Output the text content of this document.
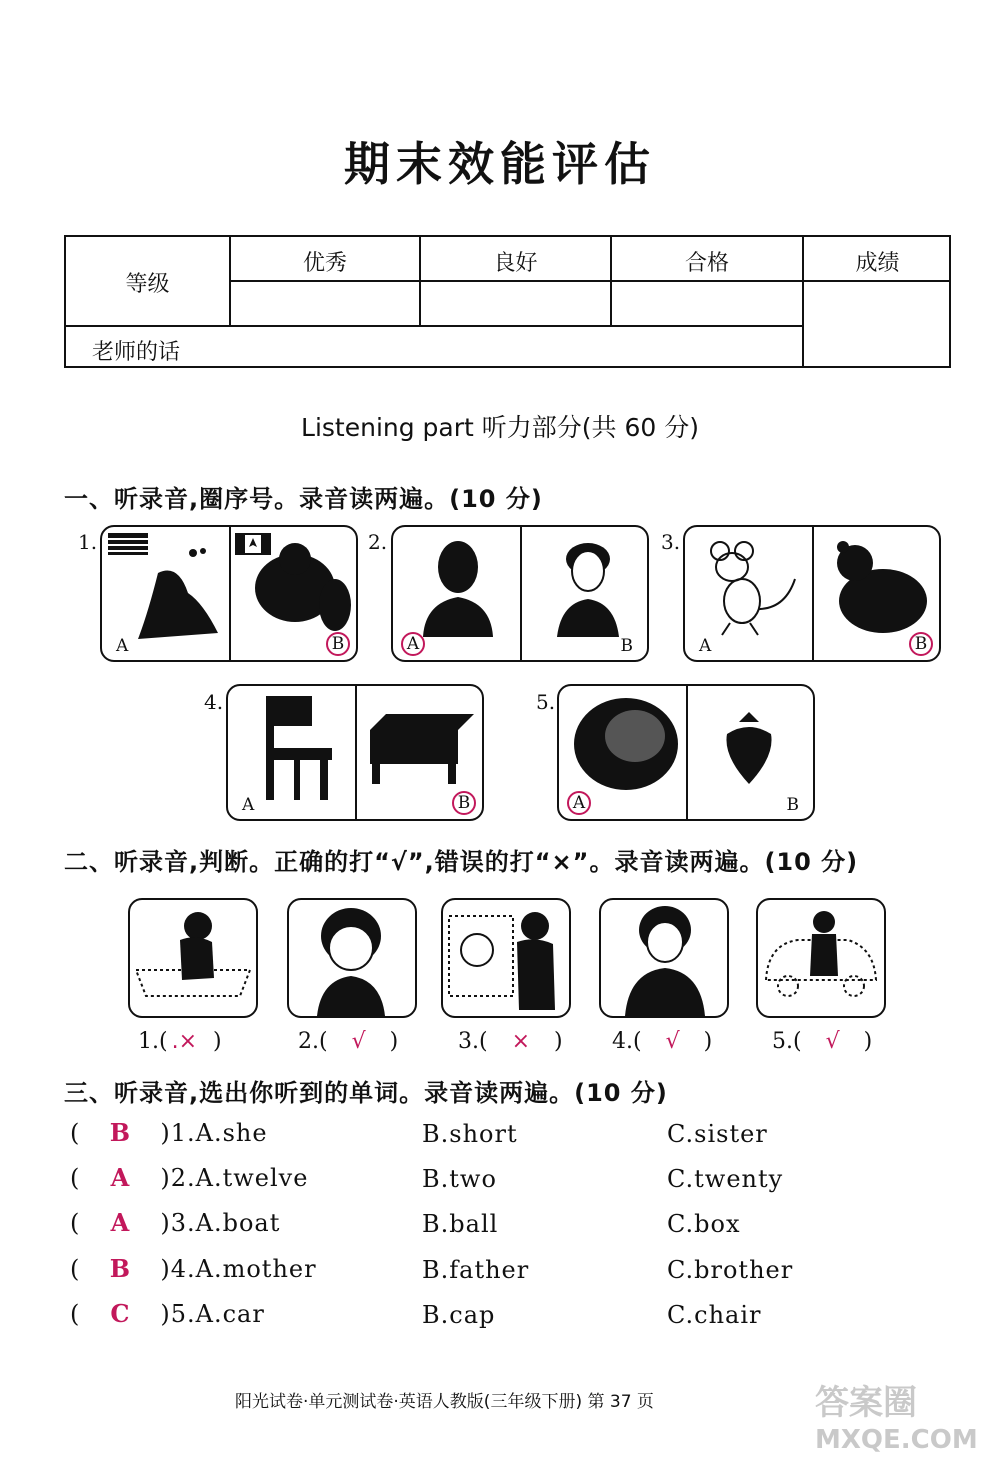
期末效能评估
等级
优秀	良好	合格	成绩
老师的话
Listening part 听力部分(共 60 分)
一、听录音,圈序号。录音读两遍。(10 分)
1.
A	B
2.
A	B
3.
A	B
4.
A	B
5.
A	B
二、听录音,判断。正确的打“√”,错误的打“×”。录音读两遍。(10 分)
1.( .× )	2.( √ )	3.( × ) 4.( √ )	5.( √ )
三、听录音,选出你听到的单词。录音读两遍。(10 分)
( B )1.A.she	B.short	C.sister
( A )2.A.twelve	B.two	C.twenty
( A )3.A.boat	B.ball	C.box
( B )4.A.mother	B.father	C.brother
( C )5.A.car	B.cap	C.chair
阳光试卷·单元测试卷·英语人教版(三年级下册) 第 37 页	答案圈
MXQE.COM
